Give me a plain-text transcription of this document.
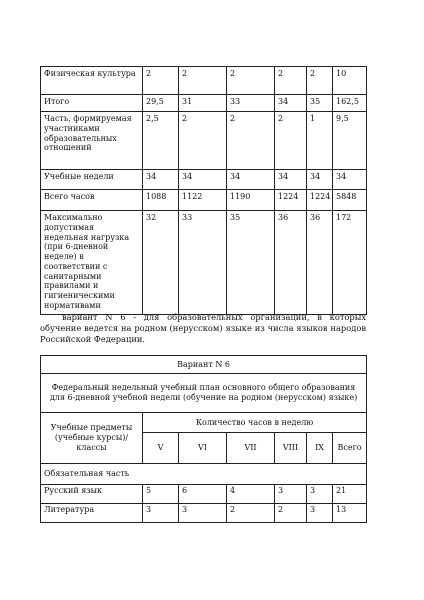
Физическая культура	2	2	2	2	2	10
Итого	29,5	31	33	34	35	162,5
Часть, формируемая участниками образовательных отношений	2,5	2	2	2	1	9,5
Учебные недели	34	34	34	34	34	34
Всего часов	1088	1122	1190	1224	1224	5848
Максимально допустимая недельная нагрузка (при 6-дневной неделе) в соответствии с санитарными правилами и гигиеническими нормативами	32	33	35	36	36	172

вариант N 6 - для образовательных организаций, в которых обучение ведется на родном (нерусском) языке из числа языков народов Российской Федерации.

Вариант N 6						
Федеральный недельный учебный план основного общего образования для 6-дневной учебной недели (обучение на родном (нерусском) языке)						
Учебные предметы (учебные курсы)/классы	Количество часов в неделю					
	V	VI	VII	VIII	IX	Всего
Обязательная часть						
Русский язык	5	6	4	3	3	21
Литература	3	3	2	2	3	13
